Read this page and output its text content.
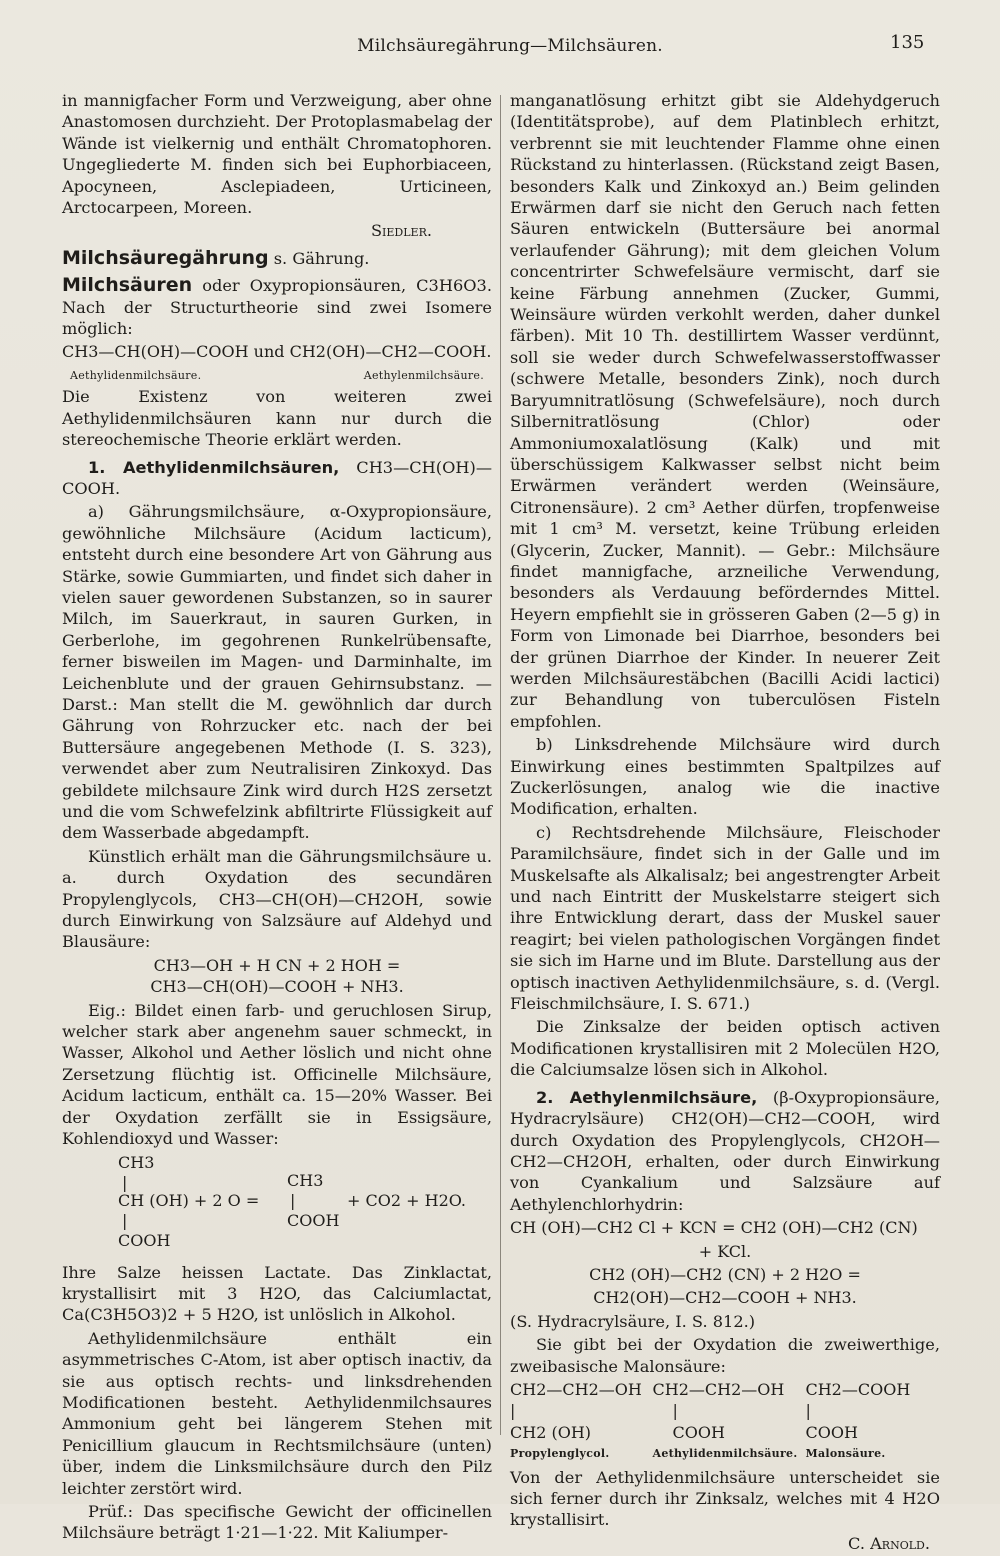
Milchsäuregährung—Milchsäuren.	135

in mannigfacher Form und Verzweigung, aber ohne Anastomosen durchzieht. Der Protoplasmabelag der Wände ist vielkernig und enthält Chromatophoren. Ungegliederte M. finden sich bei Euphorbiaceen, Apocyneen, Asclepiadeen, Urticineen, Arctocarpeen, Moreen.

Siedler.

Milchsäuregährung s. Gährung.

Milchsäuren oder Oxypropionsäuren, C3H6O3. Nach der Structurtheorie sind zwei Isomere möglich:

CH3—CH(OH)—COOH und CH2(OH)—CH2—COOH.

Aethylidenmilchsäure.	Aethylenmilchsäure.

Die Existenz von weiteren zwei Aethylidenmilchsäuren kann nur durch die stereochemische Theorie erklärt werden.

1. Aethylidenmilchsäuren, CH3—CH(OH)—COOH.

a) Gährungsmilchsäure, α-Oxypropionsäure, gewöhnliche Milchsäure (Acidum lacticum), entsteht durch eine besondere Art von Gährung aus Stärke, sowie Gummiarten, und findet sich daher in vielen sauer gewordenen Substanzen, so in saurer Milch, im Sauerkraut, in sauren Gurken, in Gerberlohe, im gegohrenen Runkelrübensafte, ferner bisweilen im Magen- und Darminhalte, im Leichenblute und der grauen Gehirnsubstanz. — Darst.: Man stellt die M. gewöhnlich dar durch Gährung von Rohrzucker etc. nach der bei Buttersäure angegebenen Methode (I. S. 323), verwendet aber zum Neutralisiren Zinkoxyd. Das gebildete milchsaure Zink wird durch H2S zersetzt und die vom Schwefelzink abfiltrirte Flüssigkeit auf dem Wasserbade abgedampft.

Künstlich erhält man die Gährungsmilchsäure u. a. durch Oxydation des secundären Propylenglycols, CH3—CH(OH)—CH2OH, sowie durch Einwirkung von Salzsäure auf Aldehyd und Blausäure:

CH3—OH + H CN + 2 HOH =

CH3—CH(OH)—COOH + NH3.

Eig.: Bildet einen farb- und geruchlosen Sirup, welcher stark aber angenehm sauer schmeckt, in Wasser, Alkohol und Aether löslich und nicht ohne Zersetzung flüchtig ist. Officinelle Milchsäure, Acidum lacticum, enthält ca. 15—20% Wasser. Bei der Oxydation zerfällt sie in Essigsäure, Kohlendioxyd und Wasser:

CH3
|
CH (OH) + 2 O =
|
COOH
CH3
|
COOH
+ CO2 + H2O.

Ihre Salze heissen Lactate. Das Zinklactat, krystallisirt mit 3 H2O, das Calciumlactat, Ca(C3H5O3)2 + 5 H2O, ist unlöslich in Alkohol.

Aethylidenmilchsäure enthält ein asymmetrisches C-Atom, ist aber optisch inactiv, da sie aus optisch rechts- und linksdrehenden Modificationen besteht. Aethylidenmilchsaures Ammonium geht bei längerem Stehen mit Penicillium glaucum in Rechtsmilchsäure (unten) über, indem die Linksmilchsäure durch den Pilz leichter zerstört wird.

Prüf.: Das specifische Gewicht der officinellen Milchsäure beträgt 1·21—1·22. Mit Kaliumper-

manganatlösung erhitzt gibt sie Aldehydgeruch (Identitätsprobe), auf dem Platinblech erhitzt, verbrennt sie mit leuchtender Flamme ohne einen Rückstand zu hinterlassen. (Rückstand zeigt Basen, besonders Kalk und Zinkoxyd an.) Beim gelinden Erwärmen darf sie nicht den Geruch nach fetten Säuren entwickeln (Buttersäure bei anormal verlaufender Gährung); mit dem gleichen Volum concentrirter Schwefelsäure vermischt, darf sie keine Färbung annehmen (Zucker, Gummi, Weinsäure würden verkohlt werden, daher dunkel färben). Mit 10 Th. destillirtem Wasser verdünnt, soll sie weder durch Schwefelwasserstoffwasser (schwere Metalle, besonders Zink), noch durch Baryumnitratlösung (Schwefelsäure), noch durch Silbernitratlösung (Chlor) oder Ammoniumoxalatlösung (Kalk) und mit überschüssigem Kalkwasser selbst nicht beim Erwärmen verändert werden (Weinsäure, Citronensäure). 2 cm³ Aether dürfen, tropfenweise mit 1 cm³ M. versetzt, keine Trübung erleiden (Glycerin, Zucker, Mannit). — Gebr.: Milchsäure findet mannigfache, arzneiliche Verwendung, besonders als Verdauung beförderndes Mittel. Heyern empfiehlt sie in grösseren Gaben (2—5 g) in Form von Limonade bei Diarrhoe, besonders bei der grünen Diarrhoe der Kinder. In neuerer Zeit werden Milchsäurestäbchen (Bacilli Acidi lactici) zur Behandlung von tuberculösen Fisteln empfohlen.

b) Linksdrehende Milchsäure wird durch Einwirkung eines bestimmten Spaltpilzes auf Zuckerlösungen, analog wie die inactive Modification, erhalten.

c) Rechtsdrehende Milchsäure, Fleischoder Paramilchsäure, findet sich in der Galle und im Muskelsafte als Alkalisalz; bei angestrengter Arbeit und nach Eintritt der Muskelstarre steigert sich ihre Entwicklung derart, dass der Muskel sauer reagirt; bei vielen pathologischen Vorgängen findet sie sich im Harne und im Blute. Darstellung aus der optisch inactiven Aethylidenmilchsäure, s. d. (Vergl. Fleischmilchsäure, I. S. 671.)

Die Zinksalze der beiden optisch activen Modificationen krystallisiren mit 2 Molecülen H2O, die Calciumsalze lösen sich in Alkohol.

2. Aethylenmilchsäure, (β-Oxypropionsäure, Hydracrylsäure) CH2(OH)—CH2—COOH, wird durch Oxydation des Propylenglycols, CH2OH—CH2—CH2OH, erhalten, oder durch Einwirkung von Cyankalium und Salzsäure auf Aethylenchlorhydrin:

CH (OH)—CH2 Cl + KCN = CH2 (OH)—CH2 (CN)

+ KCl.

CH2 (OH)—CH2 (CN) + 2 H2O =

CH2(OH)—CH2—COOH + NH3.

(S. Hydracrylsäure, I. S. 812.)

Sie gibt bei der Oxydation die zweiwerthige, zweibasische Malonsäure:

CH2—CH2—OH
|
CH2 (OH)
Propylenglycol.
CH2—CH2—OH
|
COOH
Aethylidenmilchsäure.
CH2—COOH
|
COOH
Malonsäure.

Von der Aethylidenmilchsäure unterscheidet sie sich ferner durch ihr Zinksalz, welches mit 4 H2O krystallisirt.

C. Arnold.
